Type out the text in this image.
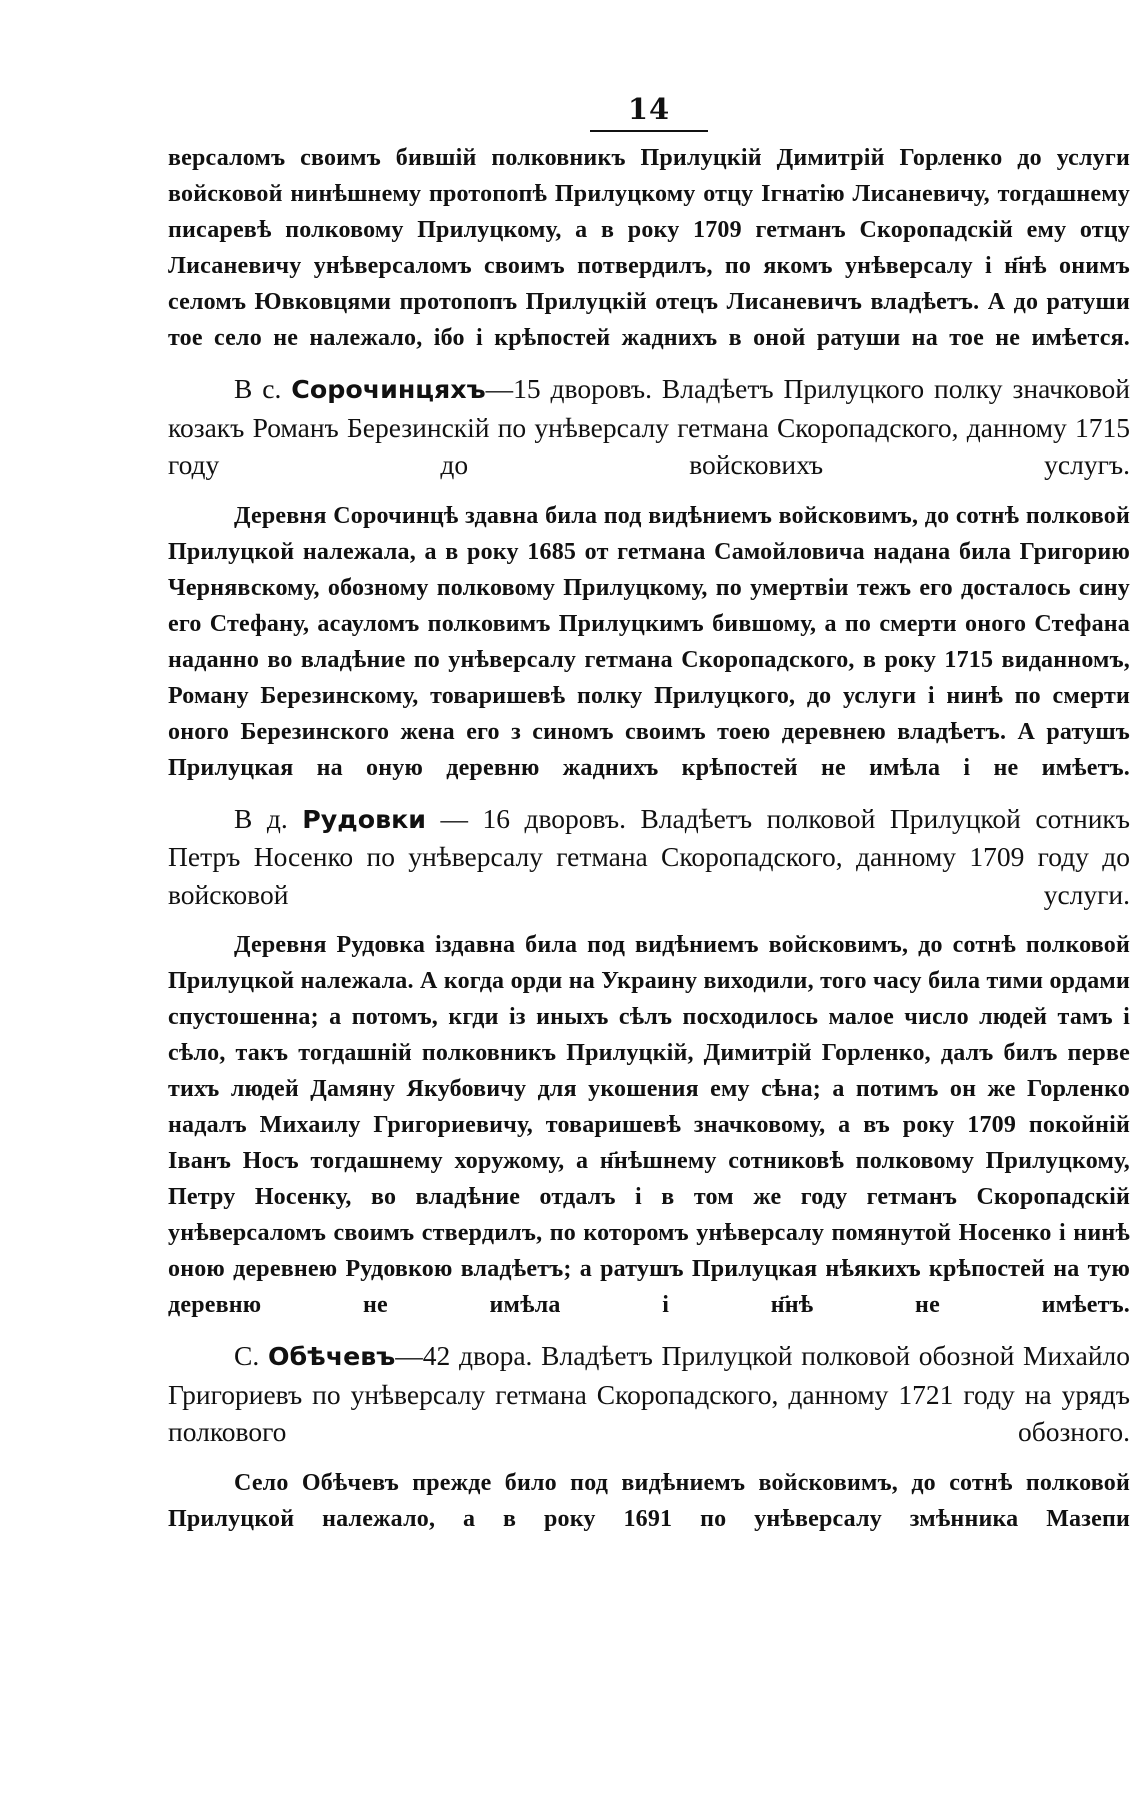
14

версаломъ своимъ бившій полковникъ Прилуцкій Димитрій Горленко до услуги войсковой нинѣшнему протопопѣ Прилуцкому отцу Ігнатію Лисаневичу, тогдашнему писаревѣ полковому Прилуцкому, а в року 1709 гетманъ Скоропадскій ему отцу Лисаневичу унѣверсаломъ своимъ потвердилъ, по якомъ унѣверсалу і н҃нѣ онимъ селомъ Ювковцями протопопъ Прилуцкій отецъ Лисаневичъ владѣетъ. А до ратуши тое село не належало, ібо і крѣпостей жаднихъ в оной ратуши на тое не имѣется.

В с. Сорочинцяхъ—15 дворовъ. Владѣетъ Прилуцкого полку значковой козакъ Романъ Березинскій по унѣверсалу гетмана Скоропадского, данному 1715 году до войсковихъ услугъ.

Деревня Сорочинцѣ здавна била под видѣниемъ войсковимъ, до сотнѣ полковой Прилуцкой належала, а в року 1685 от гетмана Самойловича надана била Григорию Чернявскому, обозному полковому Прилуцкому, по умертвіи тежъ его досталось сину его Стефану, асауломъ полковимъ Прилуцкимъ бившому, а по смерти оного Стефана наданно во владѣние по унѣверсалу гетмана Скоропадского, в року 1715 виданномъ, Роману Березинскому, товаришевѣ полку Прилуцкого, до услуги і нинѣ по смерти оного Березинского жена его з синомъ своимъ тоею деревнею владѣетъ. А ратушъ Прилуцкая на оную деревню жаднихъ крѣпостей не имѣла і не имѣетъ.

В д. Рудовки — 16 дворовъ. Владѣетъ полковой Прилуцкой сотникъ Петръ Носенко по унѣверсалу гетмана Скоропадского, данному 1709 году до войсковой услуги.

Деревня Рудовка іздавна била под видѣниемъ войсковимъ, до сотнѣ полковой Прилуцкой належала. А когда орди на Украину виходили, того часу била тими ордами спустошенна; а потомъ, кгди із иныхъ сѣлъ посходилось малое число людей тамъ і сѣло, такъ тогдашній полковникъ Прилуцкій, Димитрій Горленко, далъ билъ перве тихъ людей Дамяну Якубовичу для укошения ему сѣна; а потимъ он же Горленко надалъ Михаилу Григориевичу, товаришевѣ значковому, а въ року 1709 покойній Іванъ Носъ тогдашнему хоружому, а н҃нѣшнему сотниковѣ полковому Прилуцкому, Петру Носенку, во владѣние отдалъ і в том же году гетманъ Скоропадскій унѣверсаломъ своимъ ствердилъ, по которомъ унѣверсалу помянутой Носенко і нинѣ оною деревнею Рудовкою владѣетъ; а ратушъ Прилуцкая нѣякихъ крѣпостей на тую деревню не имѣла і н҃нѣ не имѣетъ.

С. Обѣчевъ—42 двора. Владѣетъ Прилуцкой полковой обозной Михайло Григориевъ по унѣверсалу гетмана Скоропадского, данному 1721 году на урядъ полкового обозного.

Село Обѣчевъ прежде било под видѣниемъ войсковимъ, до сотнѣ полковой Прилуцкой належало, а в року 1691 по унѣверсалу змѣнника Мазепи
